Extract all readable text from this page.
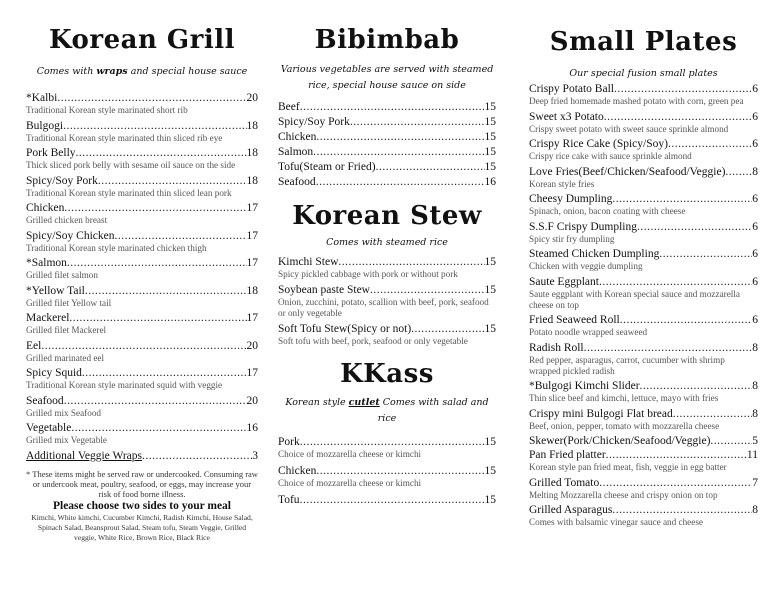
Korean Grill

Comes with wraps and special house sauce

*Kalbi .....	20

Traditional Korean style marinated short rib

Bulgogi .....	18

Traditional Korean style marinated thin sliced rib eye

Pork Belly .....	18

Thick sliced pork belly with sesame oil sauce on the side

Spicy/Soy Pork .....	18

Traditional Korean style marinated thin sliced lean pork

Chicken .....	17

Grilled chicken breast

Spicy/Soy Chicken .....	17

Traditional Korean style marinated chicken thigh

*Salmon .....	17

Grilled filet salmon

*Yellow Tail .....	18

Grilled filet Yellow tail

Mackerel .....	17

Grilled filet Mackerel

Eel .....	20

Grilled marinated eel

Spicy Squid .....	17

Traditional Korean style marinated squid with veggie

Seafood .....	20

Grilled mix Seafood

Vegetable .....	16

Grilled mix Vegetable

Additional Veggie Wraps .....	3

* These items might be served raw or undercooked. Consuming raw or undercook meat, poultry, seafood, or eggs, may increase your risk of food borne illness.

Please choose two sides to your meal
Kimchi, White kimchi, Cucumber Kimchi, Radish Kimchi, House Salad, Spinach Salad, Beansprout Salad, Steam tofu, Steam Veggie, Grilled veggie, White Rice, Brown Rice, Black Rice
Bibimbab

Various vegetables are served with steamed rice, special house sauce on side

Beef .....	15
Spicy/Soy Pork .....	15
Chicken .....	15
Salmon .....	15
Tofu(Steam or Fried) .....	15
Seafood .....	16
Korean Stew

Comes with steamed rice

Kimchi Stew .....	15

Spicy pickled cabbage with pork or without pork

Soybean paste Stew .....	15

Onion, zucchini, potato, scallion with beef, pork, seafood or only vegetable

Soft Tofu Stew(Spicy or not) .....	15

Soft tofu with beef, pork, seafood or only vegetable

KKass

Korean style cutlet Comes with salad and rice

Pork .....	15

Choice of mozzarella cheese or kimchi

Chicken .....	15

Choice of mozzarella cheese or kimchi

Tofu .....	15
Small Plates

Our special fusion small plates

Crispy Potato Ball .....	6

Deep fried homemade mashed potato with corn, green pea

Sweet x3 Potato .....	6

Crispy sweet potato with sweet sauce sprinkle almond

Crispy Rice Cake (Spicy/Soy) .....	6

Crispy rice cake with sauce sprinkle almond

Love Fries(Beef/Chicken/Seafood/Veggie) ..... 8

Korean style fries

Cheesy Dumpling .....	6

Spinach, onion, bacon coating with cheese

S.S.F Crispy Dumpling .....	6

Spicy stir fry dumpling

Steamed Chicken Dumpling .....	6

Chicken with veggie dumpling

Saute Eggplant .....	6

Saute eggplant with Korean special sauce and mozzarella cheese on top

Fried Seaweed Roll .....	6

Potato noodle wrapped seaweed

Radish Roll .....	8

Red pepper, asparagus, carrot, cucumber with shrimp wrapped pickled radish

*Bulgogi Kimchi Slider .....	8

Thin slice beef and kimchi, lettuce, mayo with fries

Crispy mini Bulgogi Flat bread .....	8

Beef, onion, pepper, tomato with mozzarella cheese

Skewer(Pork/Chicken/Seafood/Veggie) .....	5
Pan Fried platter .....	11

Korean style pan fried meat, fish, veggie in egg batter

Grilled Tomato .....	7

Melting Mozzarella cheese and crispy onion on top

Grilled Asparagus .....	8

Comes with balsamic vinegar sauce and cheese
